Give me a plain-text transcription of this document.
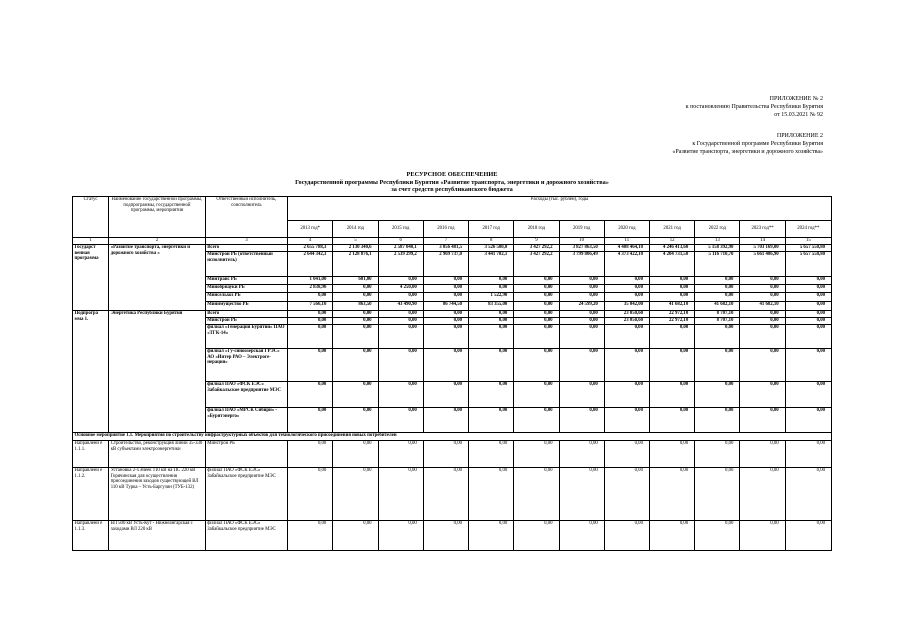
ПРИЛОЖЕНИЕ № 2
к постановлению Правительства Республики Бурятия
от 15.03.2021 № 92
ПРИЛОЖЕНИЕ 2
к Государственной программе Республики Бурятия
«Развитие транспорта, энергетики и дорожного хозяйства»
РЕСУРСНОЕ ОБЕСПЕЧЕНИЕ
Государственной программы Республики Бурятия «Развитие транспорта, энергетики и дорожного хозяйства»
за счет средств республиканского бюджета
Статус	Наименование государственной программы, подпрограммы, государственной программы, мероприятия	Ответственный исполнитель, соисполнитель	Расходы (тыс. рублей), годы											
			2013 год*	2014 год	2015 год	2016 год	2017 год	2018 год	2019 год	2020 год	2021 год	2022 год	2023 год**	2024 год**
1	2	3	4	5	6	7	8	9	10	11	12	13	14	15
Государст венная программа	«Развитие транспорта, энергетики и дорожного хозяйства »	Всего	2 655 788,3	2 130 340,6	2 587 040,1	3 056 481,5	3 526 580,0	3 427 292,2	3 827 863,50	4 408 464,10	4 246 413,60	5 158 392,90	5 703 169,00	5 657 550,80
		Минстрой РБ (ответственный исполнитель)	2 644 342,3	2 128 876,1	2 539 299,2	2 969 737,0	3 441 702,1	3 427 292,2	3 799 806,49	4 373 422,10	4 204 731,50	5 116 710,70	5 661 486,90	5 657 550,80
		Минтранс РБ	1 041,00	601,00	0,00	0,00	0,00	0,00	0,00	0,00	0,00	0,00	0,00	0,00
		Минобрнауки РБ	2 838,90	0,00	4 250,00	0,00	0,00	0,00	0,00	0,00	0,00	0,00	0,00	0,00
		Минсельхоз РБ	0,00	0,00	0,00	0,00	1 522,90	0,00	0,00	0,00	0,00	0,00	0,00	0,00
		Минимущество РБ	7 566,10	863,50	43 490,90	86 744,50	83 355,00	0,00	24 599,20	35 042,00	41 682,10	41 682,10	41 682,10	0,00
Подпрогра мма 1.	Энергетика Республики Бурятия	Всего	0,00	0,00	0,00	0,00	0,00	0,00	0,00	23 050,60	22 972,10	8 707,10	0,00	0,00
		Минстрой РБ	0,00	0,00	0,00	0,00	0,00	0,00	0,00	23 050,60	22 972,10	8 707,10	0,00	0,00
		филиал «Генерация Бурятии» ПАО «ТГК-14»	0,00	0,00	0,00	0,00	0,00	0,00	0,00	0,00	0,00	0,00	0,00	0,00
		филиал «Гу-синоозерская ГРЭС» АО «Интер РАО – Электроге-нерация»	0,00	0,00	0,00	0,00	0,00	0,00	0,00	0,00	0,00	0,00	0,00	0,00
		филиал ПАО «ФСК ЕЭС» Забайкальское предприятие МЭС	0,00	0,00	0,00	0,00	0,00	0,00	0,00	0,00	0,00	0,00	0,00	0,00
		филиал ПАО «МРСК Сибири» - «Бурятэнерго»	0,00	0,00	0,00	0,00	0,00	0,00	0,00	0,00	0,00	0,00	0,00	0,00
Основное мероприятие 1.1. Мероприятия по строительству инфраструктурных объектов для технологического присоединения новых потребителей														
Направлени е 1.1.1.	Строительство, реконструкция линий 35-330 кВ субъектами электроэнергетики	Минстрой РБ	0,00	0,00	0,00	0,00	0,00	0,00	0,00	0,00	0,00	0,00	0,00	0,00
Направлени е 1.1.2.	Установка 2-х ячеек 110 кВ на ПС 220 кВ Горячинская для осуществления присоединения заходов существующей ВЛ 110 кВ Турка – Усть-Баргузин (ТУБ-132)	филиал ПАО «ФСК ЕЭС» Забайкальское предприятие МЭС	0,00	0,00	0,00	0,00	0,00	0,00	0,00	0,00	0,00	0,00	0,00	0,00
Направлени е 1.1.3.	ВЛ 500 кВ Усть-Кут - Нижнеангарская с заходами ВЛ 220 кВ	филиал ПАО «ФСК ЕЭС» Забайкальское предприятие МЭС	0,00	0,00	0,00	0,00	0,00	0,00	0,00	0,00	0,00	0,00	0,00	0,00
